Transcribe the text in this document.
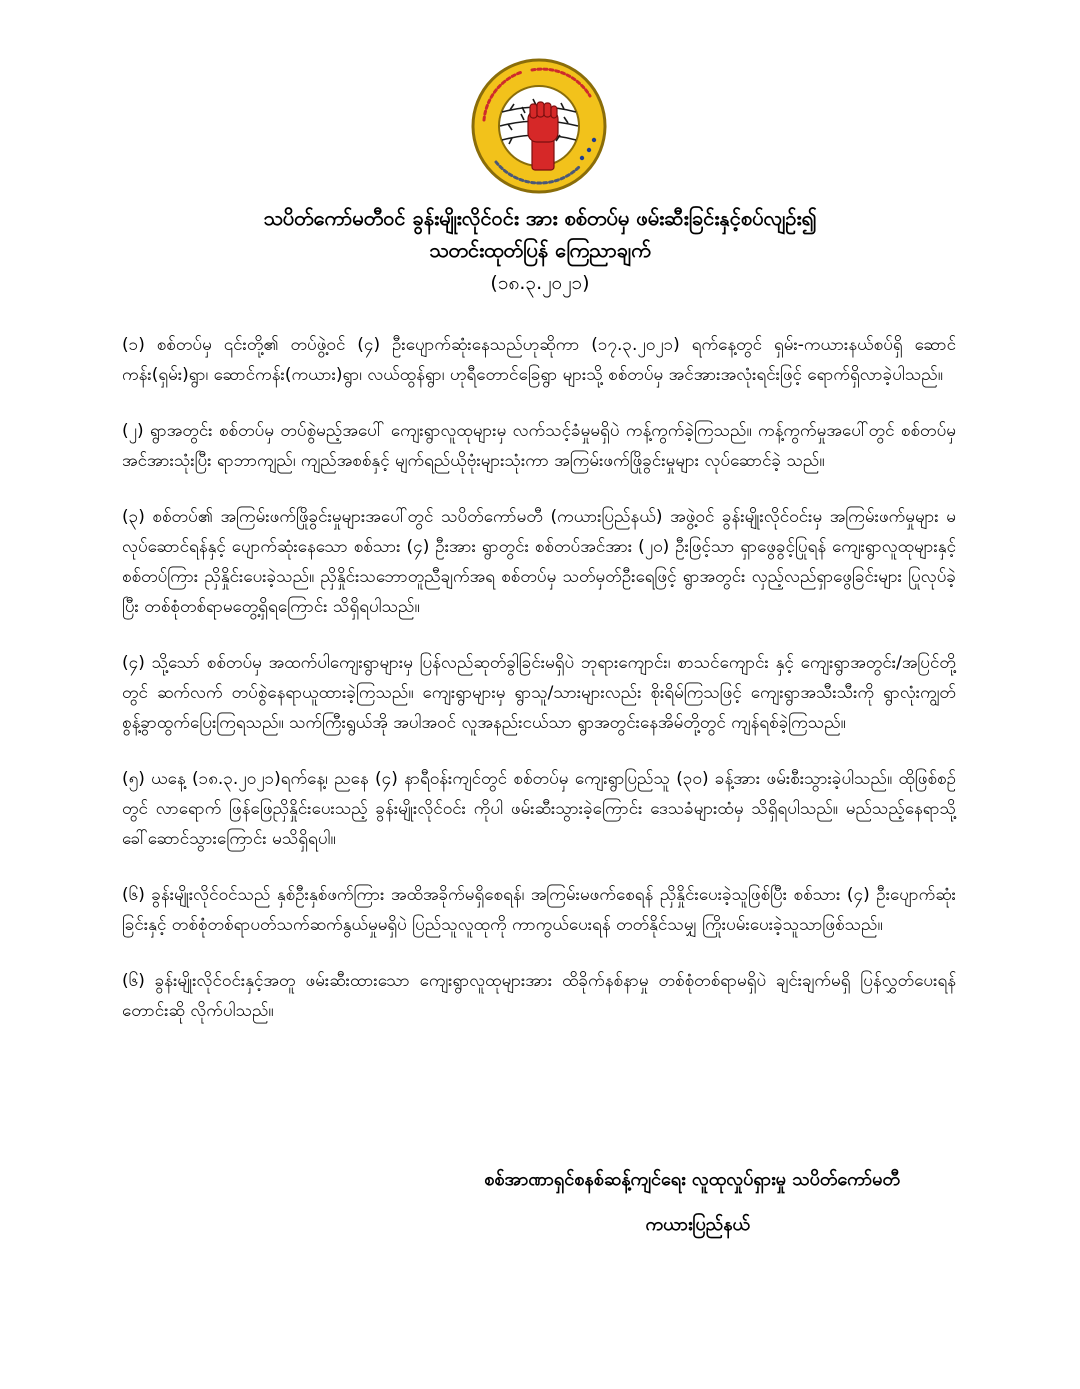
သပိတ်ကော်မတီဝင် ခွန်းမျိုးလိုင်ဝင်း အား စစ်တပ်မှ ဖမ်းဆီးခြင်းနှင့်စပ်လျဉ်း၍
သတင်းထုတ်ပြန် ကြေညာချက်
(၁၈.၃.၂၀၂၁)

(၁) စစ်တပ်မှ ၎င်းတို့၏ တပ်ဖွဲ့ဝင် (၄) ဦးပျောက်ဆုံးနေသည်ဟုဆိုကာ (၁၇.၃.၂၀၂၁) ရက်နေ့တွင် ရှမ်း-ကယားနယ်စပ်ရှိ ဆောင်ကန်း(ရှမ်း)ရွာ၊ ဆောင်ကန်း(ကယား)ရွာ၊ လယ်ထွန်ရွာ၊ ဟုရီတောင်ခြေရွာ များသို့ စစ်တပ်မှ အင်အားအလုံးရင်းဖြင့် ရောက်ရှိလာခဲ့ပါသည်။

(၂) ရွာအတွင်း စစ်တပ်မှ တပ်စွဲမည့်အပေါ် ကျေးရွာလူထုများမှ လက်သင့်ခံမှုမရှိပဲ ကန့်ကွက်ခဲ့ကြသည်။ ကန့်ကွက်မှုအပေါ်တွင် စစ်တပ်မှ အင်အားသုံးပြီး ရာဘာကျည်၊ ကျည်အစစ်နှင့် မျက်ရည်ယိုဗုံးများသုံးကာ အကြမ်းဖက်ဖြိုခွင်းမှုများ လုပ်ဆောင်ခဲ့ သည်။

(၃) စစ်တပ်၏ အကြမ်းဖက်ဖြိုခွင်းမှုများအပေါ်တွင် သပိတ်ကော်မတီ (ကယားပြည်နယ်) အဖွဲ့ဝင် ခွန်းမျိုးလိုင်ဝင်းမှ အကြမ်းဖက်မှုများ မလုပ်ဆောင်ရန်နှင့် ပျောက်ဆုံးနေသော စစ်သား (၄) ဦးအား ရွာတွင်း စစ်တပ်အင်အား (၂၀) ဦးဖြင့်သာ ရှာဖွေခွင့်ပြုရန် ကျေးရွာလူထုများနှင့် စစ်တပ်ကြား ညှိနှိုင်းပေးခဲ့သည်။ ညှိနှိုင်းသဘောတူညီချက်အရ စစ်တပ်မှ သတ်မှတ်ဦးရေဖြင့် ရွာအတွင်း လှည့်လည်ရှာဖွေခြင်းများ ပြုလုပ်ခဲ့ပြီး တစ်စုံတစ်ရာမတွေ့ရှိရကြောင်း သိရှိရပါသည်။

(၄) သို့သော် စစ်တပ်မှ အထက်ပါကျေးရွာများမှ ပြန်လည်ဆုတ်ခွါခြင်းမရှိပဲ ဘုရားကျောင်း၊ စာသင်ကျောင်း နှင့် ကျေးရွာအတွင်း/အပြင်တို့တွင် ဆက်လက် တပ်စွဲနေရာယူထားခဲ့ကြသည်။ ကျေးရွာများမှ ရွာသူ/သားများလည်း စိုးရိမ်ကြသဖြင့် ကျေးရွာအသီးသီးကို ရွာလုံးကျွတ် စွန့်ခွာထွက်ပြေးကြရသည်။ သက်ကြီးရွယ်အို အပါအဝင် လူအနည်းငယ်သာ ရွာအတွင်းနေအိမ်တို့တွင် ကျန်ရစ်ခဲ့ကြသည်။

(၅) ယနေ့ (၁၈.၃.၂၀၂၁)ရက်နေ့၊ ညနေ (၄) နာရီဝန်းကျင်တွင် စစ်တပ်မှ ကျေးရွာပြည်သူ (၃၀) ခန့်အား ဖမ်းစီးသွားခဲ့ပါသည်။ ထိုဖြစ်စဉ်တွင် လာရောက် ဖြန်ဖြေညှိနှိုင်းပေးသည့် ခွန်းမျိုးလိုင်ဝင်း ကိုပါ ဖမ်းဆီးသွားခဲ့ကြောင်း ဒေသခံများထံမှ သိရှိရပါသည်။ မည်သည့်နေရာသို့ ခေါ်ဆောင်သွားကြောင်း မသိရှိရပါ။

(၆) ခွန်းမျိုးလိုင်ဝင်သည် နှစ်ဦးနှစ်ဖက်ကြား အထိအခိုက်မရှိစေရန်၊ အကြမ်းမဖက်စေရန် ညှိနှိုင်းပေးခဲ့သူဖြစ်ပြီး စစ်သား (၄) ဦးပျောက်ဆုံးခြင်းနှင့် တစ်စုံတစ်ရာပတ်သက်ဆက်နွယ်မှုမရှိပဲ ပြည်သူလူထုကို ကာကွယ်ပေးရန် တတ်နိုင်သမျှ ကြိုးပမ်းပေးခဲ့သူသာဖြစ်သည်။

(၆) ခွန်းမျိုးလိုင်ဝင်းနှင့်အတူ ဖမ်းဆီးထားသော ကျေးရွာလူထုများအား ထိခိုက်နစ်နာမှု တစ်စုံတစ်ရာမရှိပဲ ချင်းချက်မရှိ ပြန်လွှတ်ပေးရန် တောင်းဆို လိုက်ပါသည်။

စစ်အာဏာရှင်စနစ်ဆန့်ကျင်ရေး လူထုလှုပ်ရှားမှု သပိတ်ကော်မတီ
ကယားပြည်နယ်
